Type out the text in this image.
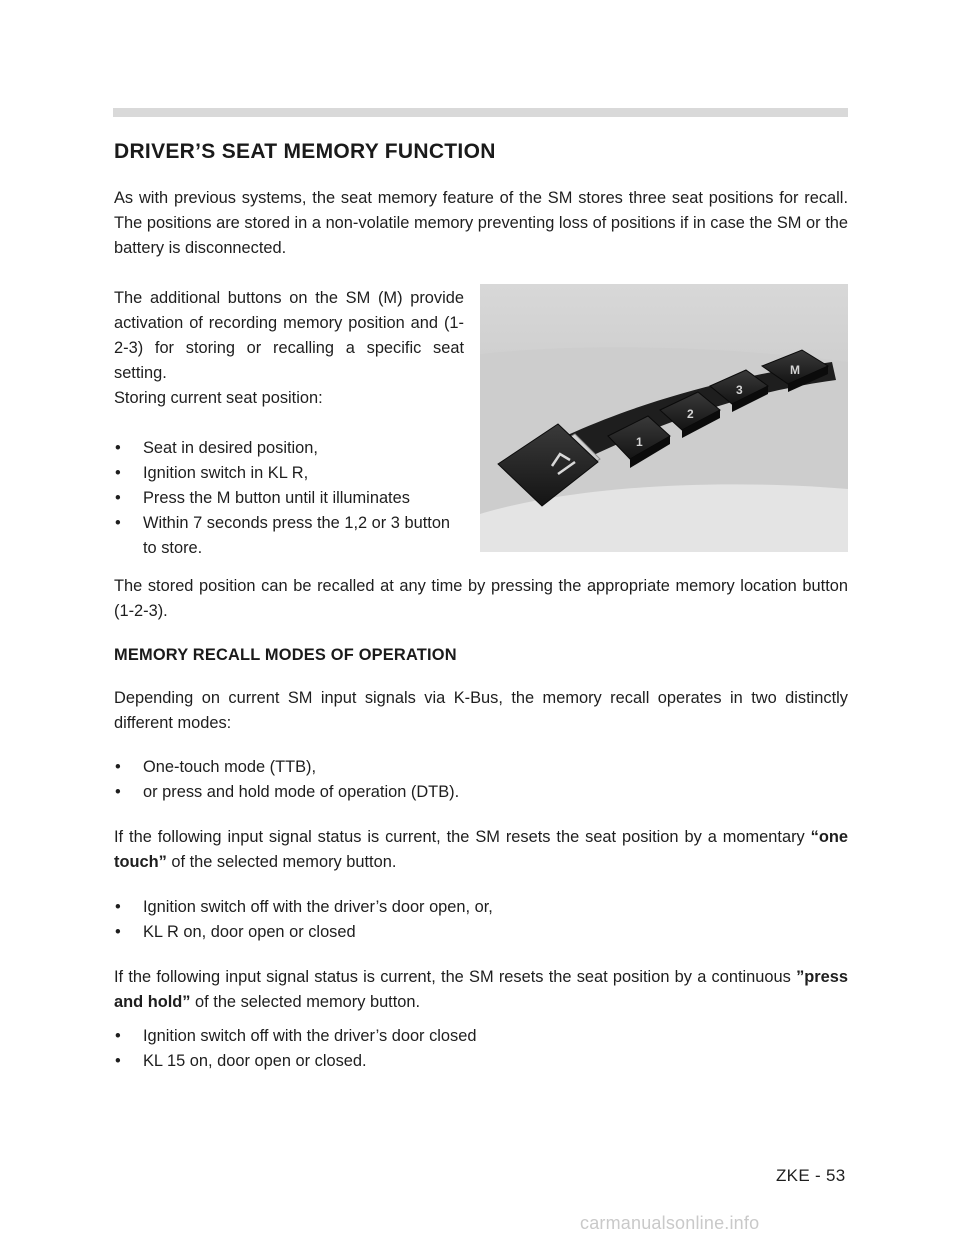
DRIVER’S SEAT MEMORY FUNCTION

As with previous systems, the seat memory feature of the SM stores three seat positions for recall. The positions are stored in a non-volatile memory preventing loss of positions if in case the SM or the battery is disconnected.

The additional buttons on the SM (M) provide activation of recording memory position and (1-2-3) for storing or recalling a specific seat setting.

Storing current seat position:

• Seat in desired position,
• Ignition switch in KL R,
• Press the M button until it illuminates
• Within 7 seconds press the 1,2 or 3 button to store.
1
2
3
M

The stored position can be recalled at any time by pressing the appropriate memory location button (1-2-3).

MEMORY RECALL MODES OF OPERATION

Depending on current SM input signals via K-Bus, the memory recall operates in two distinctly different modes:

• One-touch mode (TTB),
• or press and hold mode of operation (DTB).

If the following input signal status is current, the SM resets the seat position by a momentary “one touch” of the selected memory button.

• Ignition switch off with the driver’s door open, or,
• KL R on, door open or closed

If the following input signal status is current, the SM resets the seat position by a continuous ”press and hold” of the selected memory button.

• Ignition switch off with the driver’s door closed
• KL 15 on, door open or closed.
ZKE - 53
carmanualsonline.info
